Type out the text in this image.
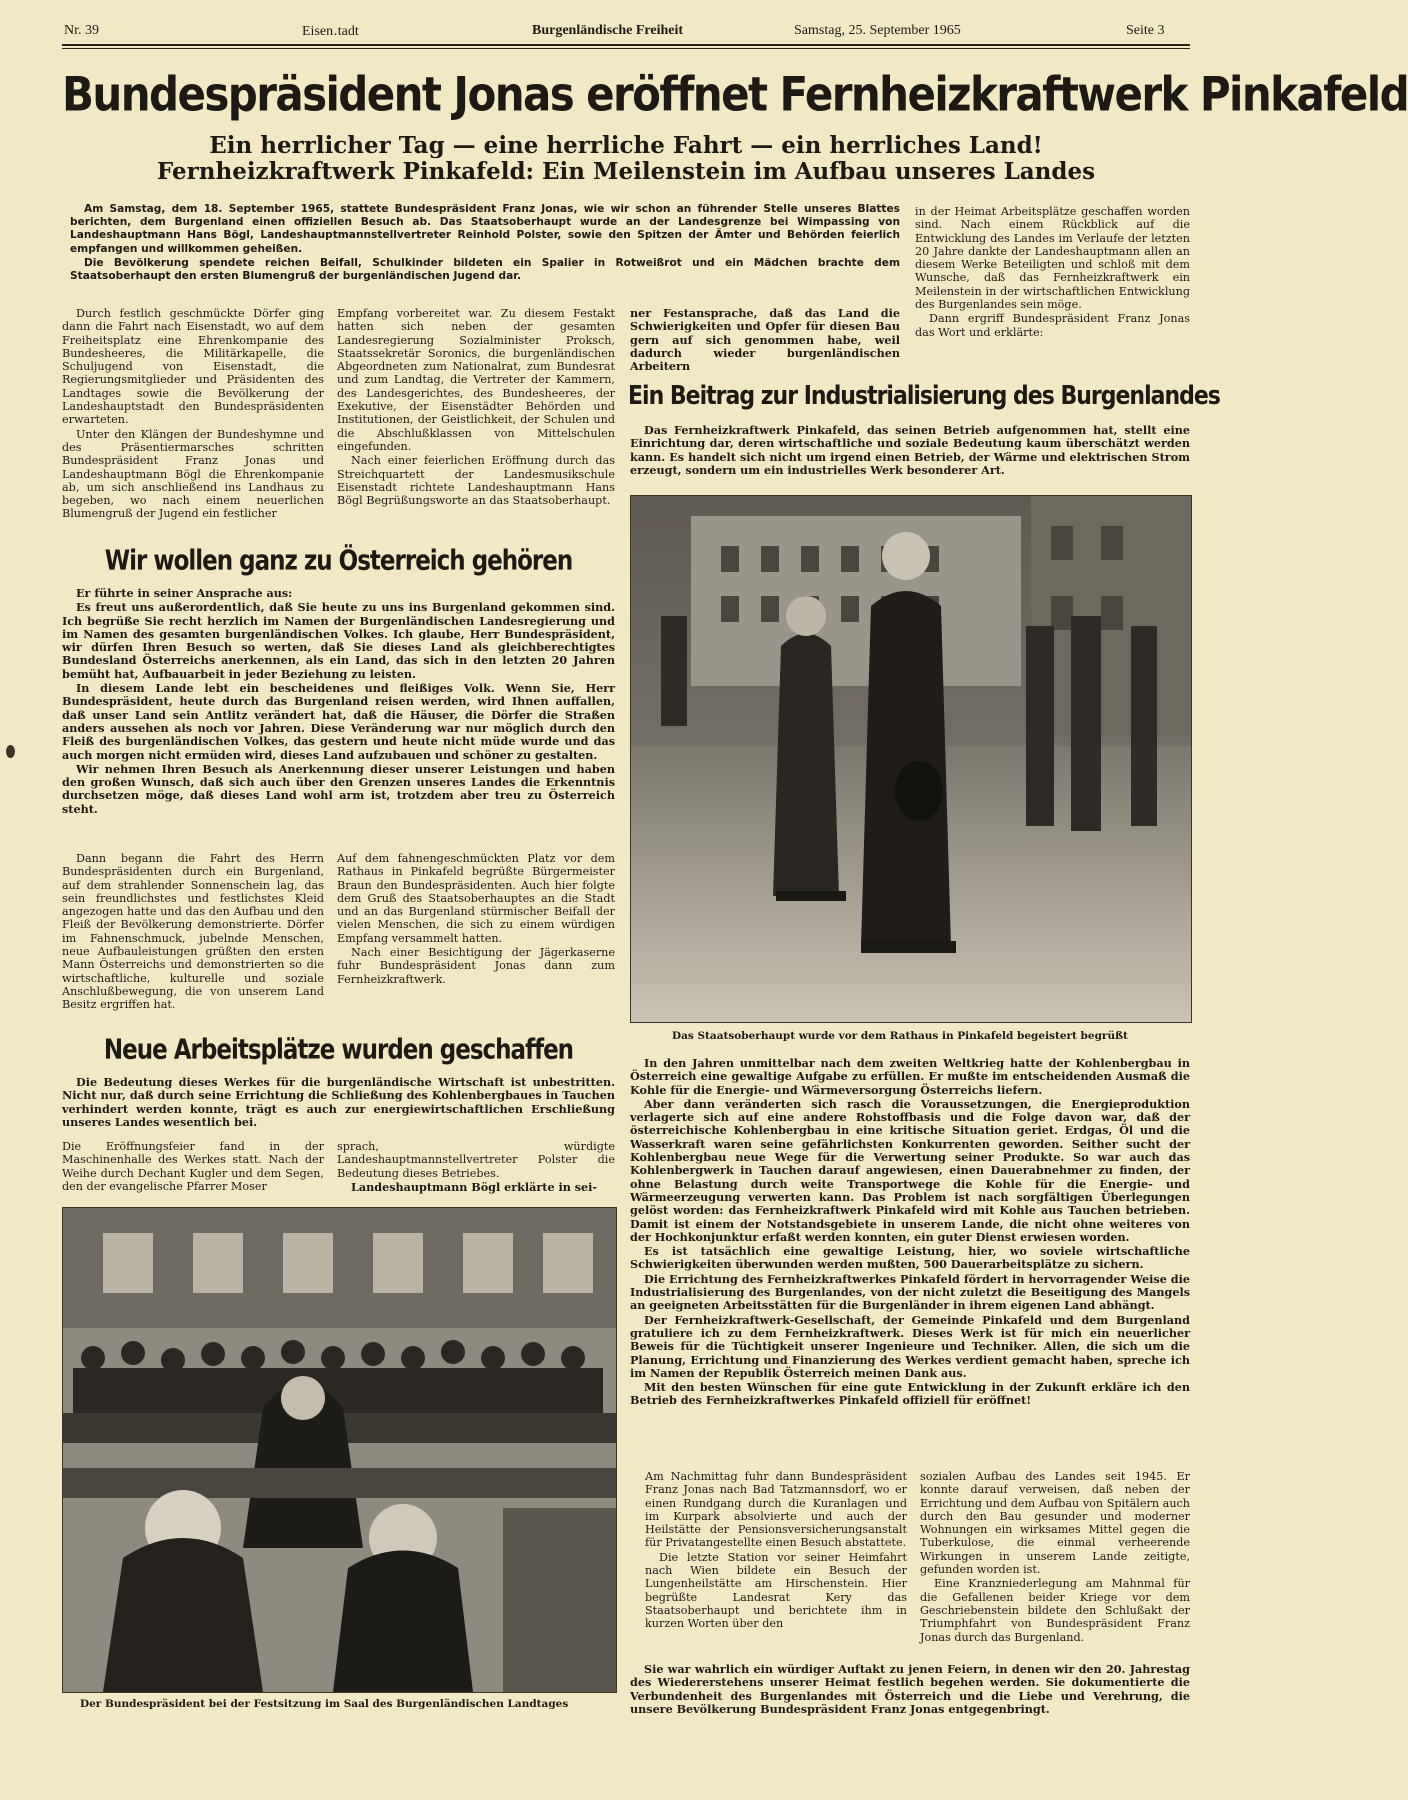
Nr. 39	Eisen․tadt	Burgenländische Freiheit	Samstag, 25. September 1965	Seite 3
Bundespräsident Jonas eröffnet Fernheizkraftwerk Pinkafeld
Ein herrlicher Tag — eine herrliche Fahrt — ein herrliches Land!
Fernheizkraftwerk Pinkafeld: Ein Meilenstein im Aufbau unseres Landes

Am Samstag, dem 18. September 1965, stattete Bundespräsident Franz Jonas, wie wir schon an führender Stelle unseres Blattes berichten, dem Burgenland einen offiziellen Besuch ab. Das Staatsoberhaupt wurde an der Landesgrenze bei Wimpassing von Landeshauptmann Hans Bögl, Landeshauptmannstellvertreter Reinhold Polster, sowie den Spitzen der Ämter und Behörden feierlich empfangen und willkommen geheißen.

Die Bevölkerung spendete reichen Beifall, Schulkinder bildeten ein Spalier in Rotweißrot und ein Mädchen brachte dem Staatsoberhaupt den ersten Blumengruß der burgenländischen Jugend dar.

Durch festlich geschmückte Dörfer ging dann die Fahrt nach Eisenstadt, wo auf dem Freiheitsplatz eine Ehrenkompanie des Bundesheeres, die Militärkapelle, die Schuljugend von Eisenstadt, die Regierungsmitglieder und Präsidenten des Landtages sowie die Bevölkerung der Landeshauptstadt den Bundespräsidenten erwarteten.

Unter den Klängen der Bundeshymne und des Präsentiermarsches schritten Bundespräsident Franz Jonas und Landeshauptmann Bögl die Ehrenkompanie ab, um sich anschließend ins Landhaus zu begeben, wo nach einem neuerlichen Blumengruß der Jugend ein festlicher

Empfang vorbereitet war. Zu diesem Festakt hatten sich neben der gesamten Landesregierung Sozialminister Proksch, Staatssekretär Soronics, die burgenländischen Abgeordneten zum Nationalrat, zum Bundesrat und zum Landtag, die Vertreter der Kammern, des Landesgerichtes, des Bundesheeres, der Exekutive, der Eisenstädter Behörden und Institutionen, der Geistlichkeit, der Schulen und die Abschlußklassen von Mittelschulen eingefunden.

Nach einer feierlichen Eröffnung durch das Streichquartett der Landesmusikschule Eisenstadt richtete Landeshauptmann Hans Bögl Begrüßungsworte an das Staatsoberhaupt.

ner Festansprache, daß das Land die Schwierigkeiten und Opfer für diesen Bau gern auf sich genommen habe, weil dadurch wieder burgenländischen Arbeitern

in der Heimat Arbeitsplätze geschaffen worden sind. Nach einem Rückblick auf die Entwicklung des Landes im Verlaufe der letzten 20 Jahre dankte der Landeshauptmann allen an diesem Werke Beteiligten und schloß mit dem Wunsche, daß das Fernheizkraftwerk ein Meilenstein in der wirtschaftlichen Entwicklung des Burgenlandes sein möge.

Dann ergriff Bundespräsident Franz Jonas das Wort und erklärte:

Ein Beitrag zur Industrialisierung des Burgenlandes

Das Fernheizkraftwerk Pinkafeld, das seinen Betrieb aufgenommen hat, stellt eine Einrichtung dar, deren wirtschaftliche und soziale Bedeutung kaum überschätzt werden kann. Es handelt sich nicht um irgend einen Betrieb, der Wärme und elektrischen Strom erzeugt, sondern um ein industrielles Werk besonderer Art.

Das Staatsoberhaupt wurde vor dem Rathaus in Pinkafeld begeistert begrüßt
Wir wollen ganz zu Österreich gehören

Er führte in seiner Ansprache aus:

Es freut uns außerordentlich, daß Sie heute zu uns ins Burgenland gekommen sind. Ich begrüße Sie recht herzlich im Namen der Burgenländischen Landesregierung und im Namen des gesamten burgenländischen Volkes. Ich glaube, Herr Bundespräsident, wir dürfen Ihren Besuch so werten, daß Sie dieses Land als gleichberechtigtes Bundesland Österreichs anerkennen, als ein Land, das sich in den letzten 20 Jahren bemüht hat, Aufbauarbeit in jeder Beziehung zu leisten.

In diesem Lande lebt ein bescheidenes und fleißiges Volk. Wenn Sie, Herr Bundespräsident, heute durch das Burgenland reisen werden, wird Ihnen auffallen, daß unser Land sein Antlitz verändert hat, daß die Häuser, die Dörfer die Straßen anders aussehen als noch vor Jahren. Diese Veränderung war nur möglich durch den Fleiß des burgenländischen Volkes, das gestern und heute nicht müde wurde und das auch morgen nicht ermüden wird, dieses Land aufzubauen und schöner zu gestalten.

Wir nehmen Ihren Besuch als Anerkennung dieser unserer Leistungen und haben den großen Wunsch, daß sich auch über den Grenzen unseres Landes die Erkenntnis durchsetzen möge, daß dieses Land wohl arm ist, trotzdem aber treu zu Österreich steht.

Dann begann die Fahrt des Herrn Bundespräsidenten durch ein Burgenland, auf dem strahlender Sonnenschein lag, das sein freundlichstes und festlichstes Kleid angezogen hatte und das den Aufbau und den Fleiß der Bevölkerung demonstrierte. Dörfer im Fahnenschmuck, jubelnde Menschen, neue Aufbauleistungen grüßten den ersten Mann Österreichs und demonstrierten so die wirtschaftliche, kulturelle und soziale Anschlußbewegung, die von unserem Land Besitz ergriffen hat.

Auf dem fahnengeschmückten Platz vor dem Rathaus in Pinkafeld begrüßte Bürgermeister Braun den Bundespräsidenten. Auch hier folgte dem Gruß des Staatsoberhauptes an die Stadt und an das Burgenland stürmischer Beifall der vielen Menschen, die sich zu einem würdigen Empfang versammelt hatten.

Nach einer Besichtigung der Jägerkaserne fuhr Bundespräsident Jonas dann zum Fernheizkraftwerk.

Neue Arbeitsplätze wurden geschaffen

Die Bedeutung dieses Werkes für die burgenländische Wirtschaft ist unbestritten. Nicht nur, daß durch seine Errichtung die Schließung des Kohlenbergbaues in Tauchen verhindert werden konnte, trägt es auch zur energiewirtschaftlichen Erschließung unseres Landes wesentlich bei.

Die Eröffnungsfeier fand in der Maschinenhalle des Werkes statt. Nach der Weihe durch Dechant Kugler und dem Segen, den der evangelische Pfarrer Moser

sprach, würdigte Landeshauptmannstellvertreter Polster die Bedeutung dieses Betriebes.

Landeshauptmann Bögl erklärte in sei-

Der Bundespräsident bei der Festsitzung im Saal des Burgenländischen Landtages

In den Jahren unmittelbar nach dem zweiten Weltkrieg hatte der Kohlenbergbau in Österreich eine gewaltige Aufgabe zu erfüllen. Er mußte im entscheidenden Ausmaß die Kohle für die Energie- und Wärmeversorgung Österreichs liefern.

Aber dann veränderten sich rasch die Voraussetzungen, die Energieproduktion verlagerte sich auf eine andere Rohstoffbasis und die Folge davon war, daß der österreichische Kohlenbergbau in eine kritische Situation geriet. Erdgas, Öl und die Wasserkraft waren seine gefährlichsten Konkurrenten geworden. Seither sucht der Kohlenbergbau neue Wege für die Verwertung seiner Produkte. So war auch das Kohlenbergwerk in Tauchen darauf angewiesen, einen Dauerabnehmer zu finden, der ohne Belastung durch weite Transportwege die Kohle für die Energie- und Wärmeerzeugung verwerten kann. Das Problem ist nach sorgfältigen Überlegungen gelöst worden: das Fernheizkraftwerk Pinkafeld wird mit Kohle aus Tauchen betrieben. Damit ist einem der Notstandsgebiete in unserem Lande, die nicht ohne weiteres von der Hochkonjunktur erfaßt werden konnten, ein guter Dienst erwiesen worden.

Es ist tatsächlich eine gewaltige Leistung, hier, wo soviele wirtschaftliche Schwierigkeiten überwunden werden mußten, 500 Dauerarbeitsplätze zu sichern.

Die Errichtung des Fernheizkraftwerkes Pinkafeld fördert in hervorragender Weise die Industrialisierung des Burgenlandes, von der nicht zuletzt die Beseitigung des Mangels an geeigneten Arbeitsstätten für die Burgenländer in ihrem eigenen Land abhängt.

Der Fernheizkraftwerk-Gesellschaft, der Gemeinde Pinkafeld und dem Burgenland gratuliere ich zu dem Fernheizkraftwerk. Dieses Werk ist für mich ein neuerlicher Beweis für die Tüchtigkeit unserer Ingenieure und Techniker. Allen, die sich um die Planung, Errichtung und Finanzierung des Werkes verdient gemacht haben, spreche ich im Namen der Republik Österreich meinen Dank aus.

Mit den besten Wünschen für eine gute Entwicklung in der Zukunft erkläre ich den Betrieb des Fernheizkraftwerkes Pinkafeld offiziell für eröffnet!

Am Nachmittag fuhr dann Bundespräsident Franz Jonas nach Bad Tatzmannsdorf, wo er einen Rundgang durch die Kuranlagen und im Kurpark absolvierte und auch der Heilstätte der Pensionsversicherungsanstalt für Privatangestellte einen Besuch abstattete.

Die letzte Station vor seiner Heimfahrt nach Wien bildete ein Besuch der Lungenheilstätte am Hirschenstein. Hier begrüßte Landesrat Kery das Staatsoberhaupt und berichtete ihm in kurzen Worten über den

sozialen Aufbau des Landes seit 1945. Er konnte darauf verweisen, daß neben der Errichtung und dem Aufbau von Spitälern auch durch den Bau gesunder und moderner Wohnungen ein wirksames Mittel gegen die Tuberkulose, die einmal verheerende Wirkungen in unserem Lande zeitigte, gefunden worden ist.

Eine Kranzniederlegung am Mahnmal für die Gefallenen beider Kriege vor dem Geschriebenstein bildete den Schlußakt der Triumphfahrt von Bundespräsident Franz Jonas durch das Burgenland.

Sie war wahrlich ein würdiger Auftakt zu jenen Feiern, in denen wir den 20. Jahrestag des Wiedererstehens unserer Heimat festlich begehen werden. Sie dokumentierte die Verbundenheit des Burgenlandes mit Österreich und die Liebe und Verehrung, die unsere Bevölkerung Bundespräsident Franz Jonas entgegenbringt.
